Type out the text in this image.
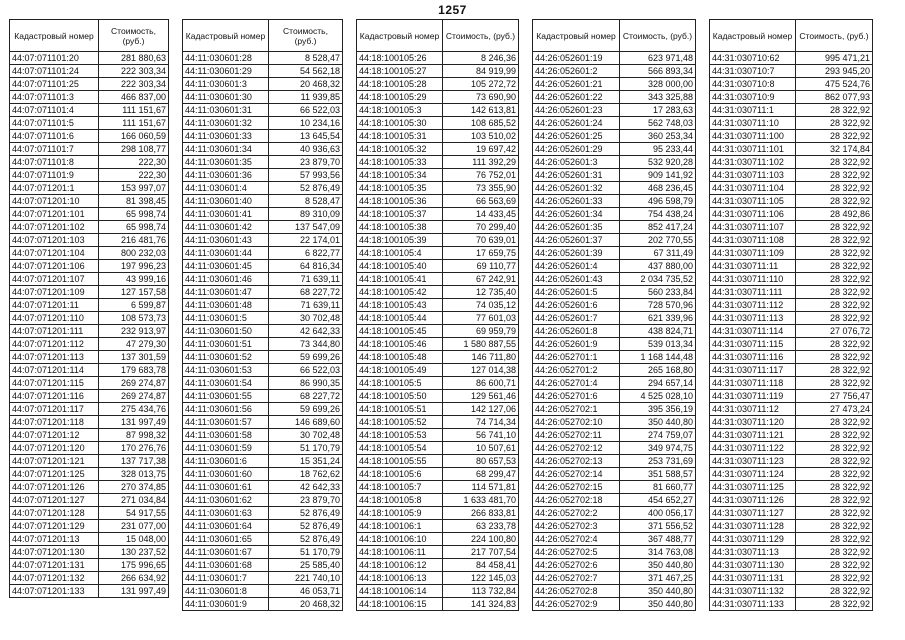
1257
Кадастровый номер	Стоимость, (руб.)
44:07:071101:20	281 880,63
44:07:071101:24	222 303,34
44:07:071101:25	222 303,34
44:07:071101:3	466 837,00
44:07:071101:4	111 151,67
44:07:071101:5	111 151,67
44:07:071101:6	166 060,59
44:07:071101:7	298 108,77
44:07:071101:8	222,30
44:07:071101:9	222,30
44:07:071201:1	153 997,07
44:07:071201:10	81 398,45
44:07:071201:101	65 998,74
44:07:071201:102	65 998,74
44:07:071201:103	216 481,76
44:07:071201:104	800 232,03
44:07:071201:106	197 996,23
44:07:071201:107	43 999,16
44:07:071201:109	127 157,58
44:07:071201:11	6 599,87
44:07:071201:110	108 573,73
44:07:071201:111	232 913,97
44:07:071201:112	47 279,30
44:07:071201:113	137 301,59
44:07:071201:114	179 683,78
44:07:071201:115	269 274,87
44:07:071201:116	269 274,87
44:07:071201:117	275 434,76
44:07:071201:118	131 997,49
44:07:071201:12	87 998,32
44:07:071201:120	170 276,76
44:07:071201:121	137 717,38
44:07:071201:125	328 013,75
44:07:071201:126	270 374,85
44:07:071201:127	271 034,84
44:07:071201:128	54 917,55
44:07:071201:129	231 077,00
44:07:071201:13	15 048,00
44:07:071201:130	130 237,52
44:07:071201:131	175 996,65
44:07:071201:132	266 634,92
44:07:071201:133	131 997,49
Кадастровый номер	Стоимость, (руб.)
44:11:030601:28	8 528,47
44:11:030601:29	54 562,18
44:11:030601:3	20 468,32
44:11:030601:30	11 939,85
44:11:030601:31	66 522,03
44:11:030601:32	10 234,16
44:11:030601:33	13 645,54
44:11:030601:34	40 936,63
44:11:030601:35	23 879,70
44:11:030601:36	57 993,56
44:11:030601:4	52 876,49
44:11:030601:40	8 528,47
44:11:030601:41	89 310,09
44:11:030601:42	137 547,09
44:11:030601:43	22 174,01
44:11:030601:44	6 822,77
44:11:030601:45	64 816,34
44:11:030601:46	71 639,11
44:11:030601:47	68 227,72
44:11:030601:48	71 639,11
44:11:030601:5	30 702,48
44:11:030601:50	42 642,33
44:11:030601:51	73 344,80
44:11:030601:52	59 699,26
44:11:030601:53	66 522,03
44:11:030601:54	86 990,35
44:11:030601:55	68 227,72
44:11:030601:56	59 699,26
44:11:030601:57	146 689,60
44:11:030601:58	30 702,48
44:11:030601:59	51 170,79
44:11:030601:6	15 351,24
44:11:030601:60	18 762,62
44:11:030601:61	42 642,33
44:11:030601:62	23 879,70
44:11:030601:63	52 876,49
44:11:030601:64	52 876,49
44:11:030601:65	52 876,49
44:11:030601:67	51 170,79
44:11:030601:68	25 585,40
44:11:030601:7	221 740,10
44:11:030601:8	46 053,71
44:11:030601:9	20 468,32
Кадастровый номер	Стоимость, (руб.)
44:18:100105:26	8 246,36
44:18:100105:27	84 919,99
44:18:100105:28	105 272,72
44:18:100105:29	73 690,90
44:18:100105:3	142 613,81
44:18:100105:30	108 685,52
44:18:100105:31	103 510,02
44:18:100105:32	19 697,42
44:18:100105:33	111 392,29
44:18:100105:34	76 752,01
44:18:100105:35	73 355,90
44:18:100105:36	66 563,69
44:18:100105:37	14 433,45
44:18:100105:38	70 299,40
44:18:100105:39	70 639,01
44:18:100105:4	17 659,75
44:18:100105:40	69 110,77
44:18:100105:41	67 242,91
44:18:100105:42	12 735,40
44:18:100105:43	74 035,12
44:18:100105:44	77 601,03
44:18:100105:45	69 959,79
44:18:100105:46	1 580 887,55
44:18:100105:48	146 711,80
44:18:100105:49	127 014,38
44:18:100105:5	86 600,71
44:18:100105:50	129 561,46
44:18:100105:51	142 127,06
44:18:100105:52	74 714,34
44:18:100105:53	56 741,10
44:18:100105:54	10 507,61
44:18:100105:55	80 657,53
44:18:100105:6	68 299,47
44:18:100105:7	114 571,81
44:18:100105:8	1 633 481,70
44:18:100105:9	266 833,81
44:18:100106:1	63 233,78
44:18:100106:10	224 100,80
44:18:100106:11	217 707,54
44:18:100106:12	84 458,41
44:18:100106:13	122 145,03
44:18:100106:14	113 732,84
44:18:100106:15	141 324,83
Кадастровый номер	Стоимость, (руб.)
44:26:052601:19	623 971,48
44:26:052601:2	566 893,34
44:26:052601:21	328 000,00
44:26:052601:22	343 325,88
44:26:052601:23	17 283,63
44:26:052601:24	562 748,03
44:26:052601:25	360 253,34
44:26:052601:29	95 233,44
44:26:052601:3	532 920,28
44:26:052601:31	909 141,92
44:26:052601:32	468 236,45
44:26:052601:33	496 598,79
44:26:052601:34	754 438,24
44:26:052601:35	852 417,24
44:26:052601:37	202 770,55
44:26:052601:39	67 311,49
44:26:052601:4	437 880,00
44:26:052601:43	2 034 735,52
44:26:052601:5	560 233,84
44:26:052601:6	728 570,96
44:26:052601:7	621 339,96
44:26:052601:8	438 824,71
44:26:052601:9	539 013,34
44:26:052701:1	1 168 144,48
44:26:052701:2	265 168,80
44:26:052701:4	294 657,14
44:26:052701:6	4 525 028,10
44:26:052702:1	395 356,19
44:26:052702:10	350 440,80
44:26:052702:11	274 759,07
44:26:052702:12	349 974,75
44:26:052702:13	253 731,69
44:26:052702:14	351 588,57
44:26:052702:15	81 660,77
44:26:052702:18	454 652,27
44:26:052702:2	400 056,17
44:26:052702:3	371 556,52
44:26:052702:4	367 488,77
44:26:052702:5	314 763,08
44:26:052702:6	350 440,80
44:26:052702:7	371 467,25
44:26:052702:8	350 440,80
44:26:052702:9	350 440,80
Кадастровый номер	Стоимость, (руб.)
44:31:030710:62	995 471,21
44:31:030710:7	293 945,20
44:31:030710:8	475 524,76
44:31:030710:9	862 077,93
44:31:030711:1	28 322,92
44:31:030711:10	28 322,92
44:31:030711:100	28 322,92
44:31:030711:101	32 174,84
44:31:030711:102	28 322,92
44:31:030711:103	28 322,92
44:31:030711:104	28 322,92
44:31:030711:105	28 322,92
44:31:030711:106	28 492,86
44:31:030711:107	28 322,92
44:31:030711:108	28 322,92
44:31:030711:109	28 322,92
44:31:030711:11	28 322,92
44:31:030711:110	28 322,92
44:31:030711:111	28 322,92
44:31:030711:112	28 322,92
44:31:030711:113	28 322,92
44:31:030711:114	27 076,72
44:31:030711:115	28 322,92
44:31:030711:116	28 322,92
44:31:030711:117	28 322,92
44:31:030711:118	28 322,92
44:31:030711:119	27 756,47
44:31:030711:12	27 473,24
44:31:030711:120	28 322,92
44:31:030711:121	28 322,92
44:31:030711:122	28 322,92
44:31:030711:123	28 322,92
44:31:030711:124	28 322,92
44:31:030711:125	28 322,92
44:31:030711:126	28 322,92
44:31:030711:127	28 322,92
44:31:030711:128	28 322,92
44:31:030711:129	28 322,92
44:31:030711:13	28 322,92
44:31:030711:130	28 322,92
44:31:030711:131	28 322,92
44:31:030711:132	28 322,92
44:31:030711:133	28 322,92
